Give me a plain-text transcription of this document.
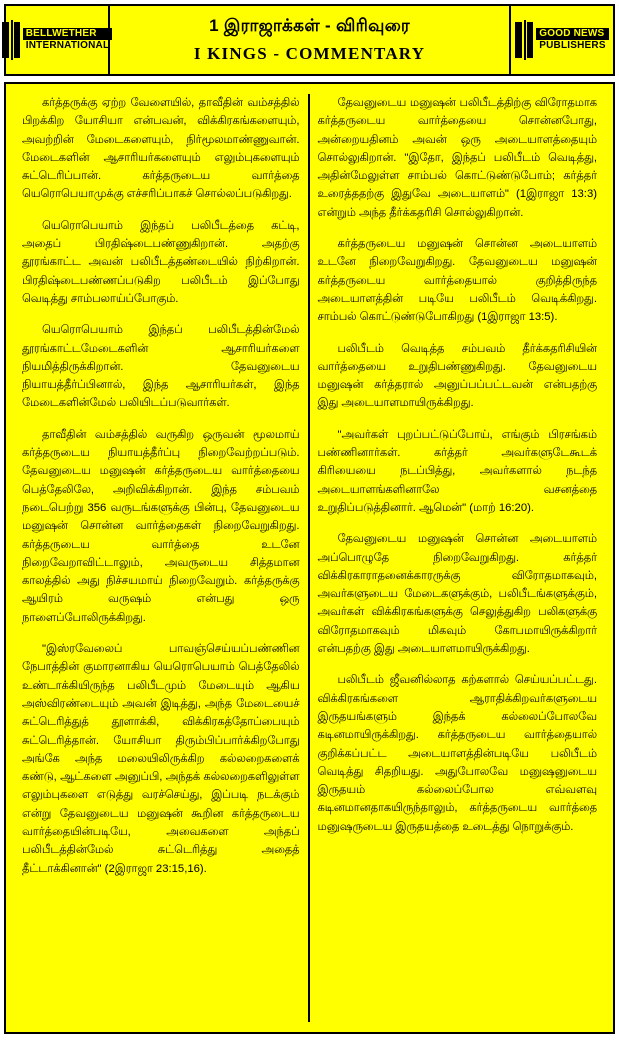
BELLWETHER
INTERNATIONAL
1 இராஜாக்கள் - விரிவுரை
I KINGS - COMMENTARY
GOOD NEWS
PUBLISHERS

கர்த்தருக்கு ஏற்ற வேளையில், தாவீதின் வம்சத்தில் பிறக்கிற யோசியா என்பவன், விக்கிரகங்களையும், அவற்றின் மேடைகளையும், நிர்மூலமாண்ணுவான். மேடைகளின் ஆசாரியர்களையும் எலும்புகளையும் சுட்டெரிப்பான். கர்த்தருடைய வார்த்தை யெரொபெயாமுக்கு எச்சரிப்பாகச் சொல்லப்படுகிறது.

யெரொபெயாம் இந்தப் பலிபீடத்தை கட்டி, அதைப் பிரதிஷ்டைபண்ணுகிறான். அதற்கு தூரங்காட்ட அவன் பலிபீடத்தண்டையில் நிற்கிறான். பிரதிஷ்டைபண்ணப்படுகிற பலிபீடம் இப்போது வெடித்து சாம்பலாய்ப்போகும்.

யெரொபெயாம் இந்தப் பலிபீடத்தின்மேல் தூரங்காட்டமேடைகளின் ஆசாரியர்களை நியமித்திருக்கிறான். தேவனுடைய நியாயத்தீர்ப்பினால், இந்த ஆசாரியர்கள், இந்த மேடைகளின்மேல் பலியிடப்படுவார்கள்.

தாவீதின் வம்சத்தில் வருகிற ஒருவன் மூலமாய் கர்த்தருடைய நியாயத்தீர்ப்பு நிறைவேற்றப்படும். தேவனுடைய மனுஷன் கர்த்தருடைய வார்த்தையை பெத்தேலிலே, அறிவிக்கிறான். இந்த சம்பவம் நடைபெற்று 356 வருடங்களுக்கு பின்பு, தேவனுடைய மனுஷன் சொன்ன வார்த்தைகள் நிறைவேறுகிறது. கர்த்தருடைய வார்த்தை உடனே நிறைவேறாவிட்டாலும், அவருடைய சித்தமான காலத்தில் அது நிச்சயமாய் நிறைவேறும். கர்த்தருக்கு ஆயிரம் வருஷம் என்பது ஒரு நாளைப்போலிருக்கிறது.

"இஸ்ரவேலைப் பாவஞ்செய்யப்பண்ணின நேபாத்தின் குமாரனாகிய யெரொபெயாம் பெத்தேலில் உண்டாக்கியிருந்த பலிபீடமும் மேடையும் ஆகிய அஸ்விரண்டையும் அவன் இடித்து, அந்த மேடையைச் சுட்டெரித்துத் தூளாக்கி, விக்கிரகத்தோப்பையும் சுட்டெரித்தான். யோசியா திரும்பிப்பார்க்கிறபோது அங்கே அந்த மலையிலிருக்கிற கல்லறைகளைக் கண்டு, ஆட்களை அனுப்பி, அந்தக் கல்லறைகளிலுள்ள எலும்புகளை எடுத்து வரச்செய்து, இப்படி நடக்கும் என்று தேவனுடைய மனுஷன் கூறின கர்த்தருடைய வார்த்தையின்படியே, அவைகளை அந்தப் பலிபீடத்தின்மேல் சுட்டெரித்து அதைத் தீட்டாக்கினான்" (2இராஜா 23:15,16).

தேவனுடைய மனுஷன் பலிபீடத்திற்கு விரோதமாக கர்த்தருடைய வார்த்தையை சொன்னபோது, அன்றையதினம் அவன் ஒரு அடையாளத்தையும் சொல்லுகிறான். "இதோ, இந்தப் பலிபீடம் வெடித்து, அதின்மேலுள்ள சாம்பல் கொட்டுண்டுபோம்; கர்த்தர் உரைத்ததற்கு இதுவே அடையாளம்" (1இராஜா 13:3) என்றும் அந்த தீர்க்கதரிசி சொல்லுகிறான்.

கர்த்தருடைய மனுஷன் சொன்ன அடையாளம் உடனே நிறைவேறுகிறது. தேவனுடைய மனுஷன் கர்த்தருடைய வார்த்தையால் குறித்திருந்த அடையாளத்தின் படியே பலிபீடம் வெடிக்கிறது. சாம்பல் கொட்டுண்டுபோகிறது (1இராஜா 13:5).

பலிபீடம் வெடித்த சம்பவம் தீர்க்கதரிசியின் வார்த்தையை உறுதிபண்ணுகிறது. தேவனுடைய மனுஷன் கர்த்தரால் அனுப்பப்பட்டவன் என்பதற்கு இது அடையாளமாயிருக்கிறது.

"அவர்கள் புறப்பட்டுப்போய், எங்கும் பிரசங்கம் பண்ணினார்கள். கர்த்தர் அவர்களுடேகூடக் கிரியையை நடப்பித்து, அவர்களால் நடந்த அடையாளங்களினாலே வசனத்தை உறுதிப்படுத்தினார். ஆமென்" (மாற் 16:20).

தேவனுடைய மனுஷன் சொன்ன அடையாளம் அப்பொழுதே நிறைவேறுகிறது. கர்த்தர் விக்கிரகாராதனைக்காரருக்கு விரோதமாகவும், அவர்களுடைய மேடைகளுக்கும், பலிபீடங்களுக்கும், அவர்கள் விக்கிரகங்களுக்கு செலுத்துகிற பலிகளுக்கு விரோதமாகவும் மிகவும் கோபமாயிருக்கிறார் என்பதற்கு இது அடையாளமாயிருக்கிறது.

பலிபீடம் ஜீவனில்லாத கற்களால் செய்யப்பட்டது. விக்கிரகங்களை ஆராதிக்கிறவர்களுடைய இருதயங்களும் இந்தக் கல்லைப்போலவே கடினமாயிருக்கிறது. கர்த்தருடைய வார்த்தையால் குறிக்கப்பட்ட அடையாளத்தின்படியே பலிபீடம் வெடித்து சிதறியது. அதுபோலவே மனுஷனுடைய இருதயம் கல்லைப்போல எவ்வளவு கடினமானதாகயிருந்தாலும், கர்த்தருடைய வார்த்தை மனுஷருடைய இருதயத்தை உடைத்து நொறுக்கும்.
